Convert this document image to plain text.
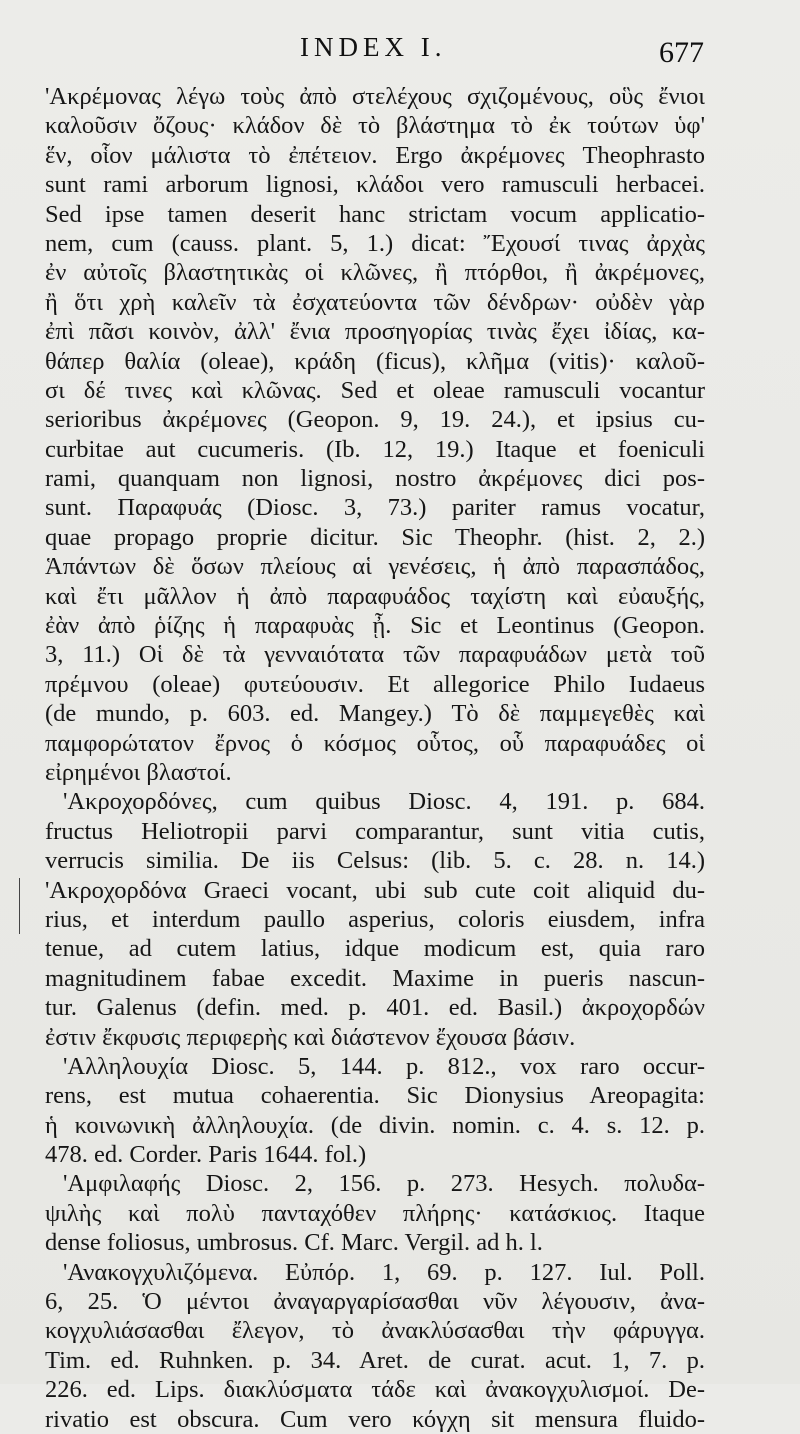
INDEX I.	677
'Ακρέμονας λέγω τοὺς ἀπὸ στελέχους σχιζομένους, οὓς ἔνιοι
καλοῦσιν ὄζους· κλάδον δὲ τὸ βλάστημα τὸ ἐκ τούτων ὑφ'
ἕν, οἷον μάλιστα τὸ ἐπέτειον. Ergo ἀκρέμονες Theophrasto
sunt rami arborum lignosi, κλάδοι vero ramusculi herbacei.
Sed ipse tamen deserit hanc strictam vocum applicatio-
nem, cum (causs. plant. 5, 1.) dicat: Ἔχουσί τινας ἀρχὰς
ἐν αὐτοῖς βλαστητικὰς οἱ κλῶνες, ἢ πτόρθοι, ἢ ἀκρέμονες,
ἢ ὅτι χρὴ καλεῖν τὰ ἐσχατεύοντα τῶν δένδρων· οὐδὲν γὰρ
ἐπὶ πᾶσι κοινὸν, ἀλλ' ἔνια προσηγορίας τινὰς ἔχει ἰδίας, κα-
θάπερ θαλία (oleae), κράδη (ficus), κλῆμα (vitis)· καλοῦ-
σι δέ τινες καὶ κλῶνας. Sed et oleae ramusculi vocantur
serioribus ἀκρέμονες (Geopon. 9, 19. 24.), et ipsius cu-
curbitae aut cucumeris. (Ib. 12, 19.) Itaque et foeniculi
rami, quanquam non lignosi, nostro ἀκρέμονες dici pos-
sunt. Παραφυάς (Diosc. 3, 73.) pariter ramus vocatur,
quae propago proprie dicitur. Sic Theophr. (hist. 2, 2.)
Ἁπάντων δὲ ὅσων πλείους αἱ γενέσεις, ἡ ἀπὸ παρασπάδος,
καὶ ἔτι μᾶλλον ἡ ἀπὸ παραφυάδος ταχίστη καὶ εὐαυξής,
ἐὰν ἀπὸ ῥίζης ἡ παραφυὰς ᾖ. Sic et Leontinus (Geopon.
3, 11.) Οἱ δὲ τὰ γενναιότατα τῶν παραφυάδων μετὰ τοῦ
πρέμνου (oleae) φυτεύουσιν. Et allegorice Philo Iudaeus
(de mundo, p. 603. ed. Mangey.) Τὸ δὲ παμμεγεθὲς καὶ
παμφορώτατον ἔρνος ὁ κόσμος οὗτος, οὗ παραφυάδες οἱ
εἰρημένοι βλαστοί.
'Ακροχορδόνες, cum quibus Diosc. 4, 191. p. 684.
fructus Heliotropii parvi comparantur, sunt vitia cutis,
verrucis similia. De iis Celsus: (lib. 5. c. 28. n. 14.)
'Ακροχορδόνα Graeci vocant, ubi sub cute coit aliquid du-
rius, et interdum paullo asperius, coloris eiusdem, infra
tenue, ad cutem latius, idque modicum est, quia raro
magnitudinem fabae excedit. Maxime in pueris nascun-
tur. Galenus (defin. med. p. 401. ed. Basil.) ἀκροχορδών
ἐστιν ἔκφυσις περιφερὴς καὶ διάστενον ἔχουσα βάσιν.
'Αλληλουχία Diosc. 5, 144. p. 812., vox raro occur-
rens, est mutua cohaerentia. Sic Dionysius Areopagita:
ἡ κοινωνικὴ ἀλληλουχία. (de divin. nomin. c. 4. s. 12. p.
478. ed. Corder. Paris 1644. fol.)
'Αμφιλαφής Diosc. 2, 156. p. 273. Hesych. πολυδα-
ψιλὴς καὶ πολὺ πανταχόθεν πλήρης· κατάσκιος. Itaque
dense foliosus, umbrosus. Cf. Marc. Vergil. ad h. l.
'Ανακογχυλιζόμενα. Εὐπόρ. 1, 69. p. 127. Iul. Poll.
6, 25. Ὁ μέντοι ἀναγαργαρίσασθαι νῦν λέγουσιν, ἀνα-
κογχυλιάσασθαι ἔλεγον, τὸ ἀνακλύσασθαι τὴν φάρυγγα.
Tim. ed. Ruhnken. p. 34. Aret. de curat. acut. 1, 7. p.
226. ed. Lips. διακλύσματα τάδε καὶ ἀνακογχυλισμοί. De-
rivatio est obscura. Cum vero κόγχη sit mensura fluido-
